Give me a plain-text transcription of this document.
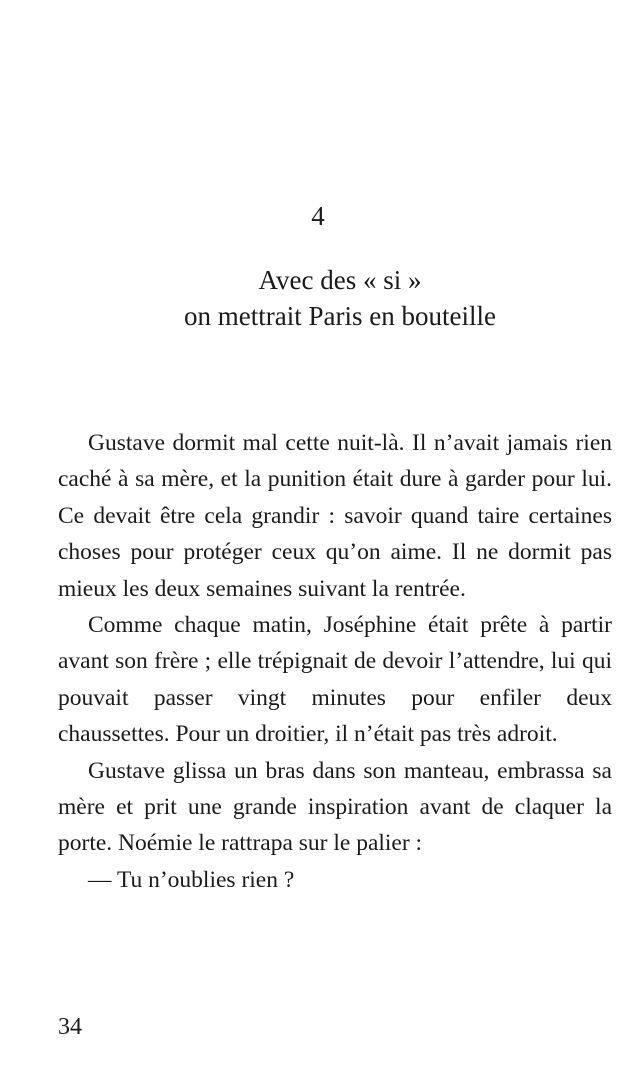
4
Avec des « si »
on mettrait Paris en bouteille

Gustave dormit mal cette nuit-là. Il n’avait jamais rien caché à sa mère, et la punition était dure à garder pour lui. Ce devait être cela grandir : savoir quand taire certaines choses pour protéger ceux qu’on aime. Il ne dormit pas mieux les deux semaines suivant la rentrée.

Comme chaque matin, Joséphine était prête à partir avant son frère ; elle trépignait de devoir l’attendre, lui qui pouvait passer vingt minutes pour enfiler deux chaussettes. Pour un droitier, il n’était pas très adroit.

Gustave glissa un bras dans son manteau, embrassa sa mère et prit une grande inspiration avant de claquer la porte. Noémie le rattrapa sur le palier :

— Tu n’oublies rien ?

34
